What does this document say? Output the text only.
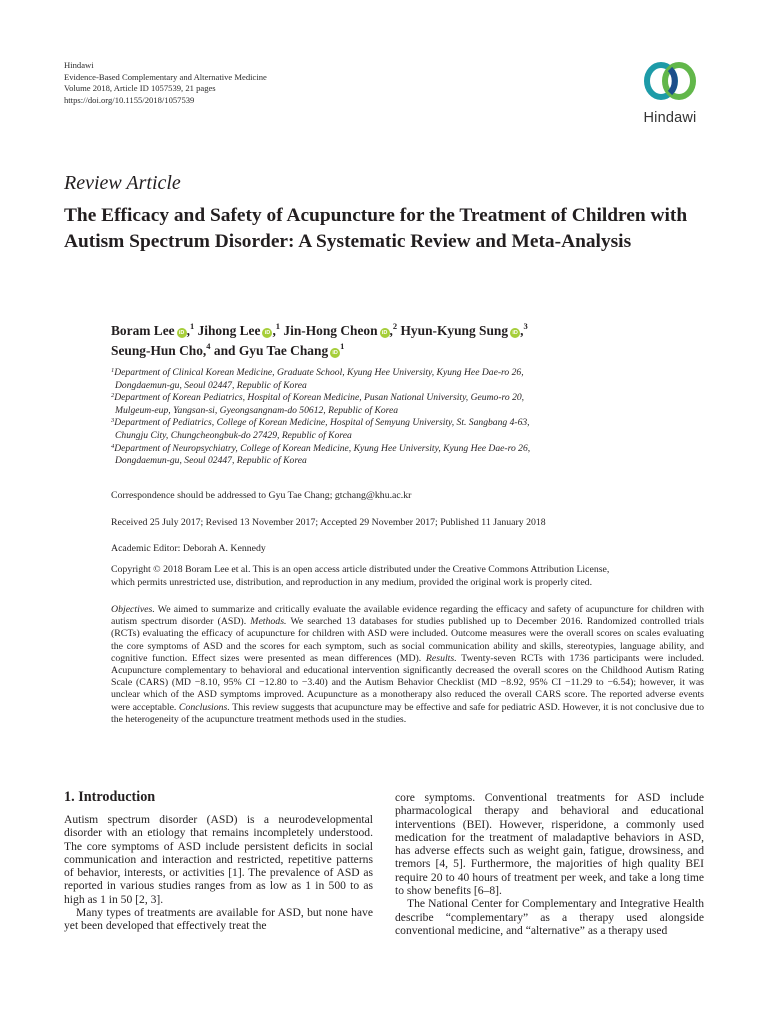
Hindawi
Evidence-Based Complementary and Alternative Medicine
Volume 2018, Article ID 1057539, 21 pages
https://doi.org/10.1155/2018/1057539
Hindawi
Review Article
The Efficacy and Safety of Acupuncture for the Treatment of Children with Autism Spectrum Disorder: A Systematic Review and Meta-Analysis
Boram Lee iD ,$^1$ Jihong Lee iD ,$^1$ Jin-Hong Cheon iD ,$^2$ Hyun-Kyung Sung iD ,$^3$
Seung-Hun Cho,$^4$ and Gyu Tae Chang $iD^1$
$^1$Department of Clinical Korean Medicine, Graduate School, Kyung Hee University, Kyung Hee Dae-ro 26,
Dongdaemun-gu, Seoul 02447, Republic of Korea
$^2$Department of Korean Pediatrics, Hospital of Korean Medicine, Pusan National University, Geumo-ro 20,
Mulgeum-eup, Yangsan-si, Gyeongsangnam-do 50612, Republic of Korea
$^3$Department of Pediatrics, College of Korean Medicine, Hospital of Semyung University, St. Sangbang 4-63,
Chungju City, Chungcheongbuk-do 27429, Republic of Korea
$^4$Department of Neuropsychiatry, College of Korean Medicine, Kyung Hee University, Kyung Hee Dae-ro 26,
Dongdaemun-gu, Seoul 02447, Republic of Korea
Correspondence should be addressed to Gyu Tae Chang; gtchang@khu.ac.kr
Received 25 July 2017; Revised 13 November 2017; Accepted 29 November 2017; Published 11 January 2018
Academic Editor: Deborah A. Kennedy
Copyright © 2018 Boram Lee et al. This is an open access article distributed under the Creative Commons Attribution License,
which permits unrestricted use, distribution, and reproduction in any medium, provided the original work is properly cited.
Objectives. We aimed to summarize and critically evaluate the available evidence regarding the efficacy and safety of acupuncture for children with autism spectrum disorder (ASD). Methods. We searched 13 databases for studies published up to December 2016. Randomized controlled trials (RCTs) evaluating the efficacy of acupuncture for children with ASD were included. Outcome measures were the overall scores on scales evaluating the core symptoms of ASD and the scores for each symptom, such as social communication ability and skills, stereotypies, language ability, and cognitive function. Effect sizes were presented as mean differences (MD). Results. Twenty-seven RCTs with 1736 participants were included. Acupuncture complementary to behavioral and educational intervention significantly decreased the overall scores on the Childhood Autism Rating Scale (CARS) (MD −8.10, 95% CI −12.80 to −3.40) and the Autism Behavior Checklist (MD −8.92, 95% CI −11.29 to −6.54); however, it was unclear which of the ASD symptoms improved. Acupuncture as a monotherapy also reduced the overall CARS score. The reported adverse events were acceptable. Conclusions. This review suggests that acupuncture may be effective and safe for pediatric ASD. However, it is not conclusive due to the heterogeneity of the acupuncture treatment methods used in the studies.
1. Introduction

Autism spectrum disorder (ASD) is a neurodevelopmental disorder with an etiology that remains incompletely understood. The core symptoms of ASD include persistent deficits in social communication and interaction and restricted, repetitive patterns of behavior, interests, or activities [1]. The prevalence of ASD as reported in various studies ranges from as low as 1 in 500 to as high as 1 in 50 [2, 3].

Many types of treatments are available for ASD, but none have yet been developed that effectively treat the

core symptoms. Conventional treatments for ASD include pharmacological therapy and behavioral and educational interventions (BEI). However, risperidone, a commonly used medication for the treatment of maladaptive behaviors in ASD, has adverse effects such as weight gain, fatigue, drowsiness, and tremors [4, 5]. Furthermore, the majorities of high quality BEI require 20 to 40 hours of treatment per week, and take a long time to show benefits [6–8].

The National Center for Complementary and Integrative Health describe “complementary” as a therapy used alongside conventional medicine, and “alternative” as a therapy used
